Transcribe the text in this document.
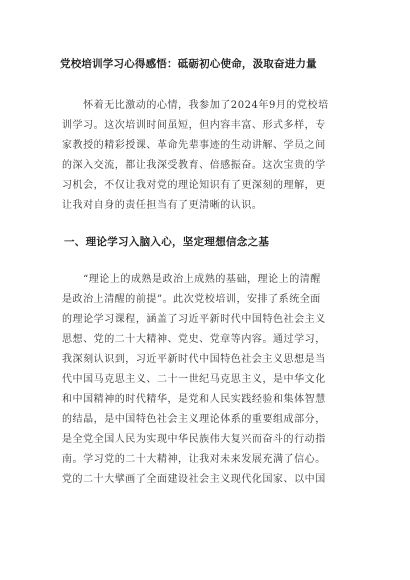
党校培训学习心得感悟：砥砺初心使命，汲取奋进力量
　　怀着无比激动的心情，我参加了2024年9月的党校培
训学习。这次培训时间虽短，但内容丰富、形式多样，专
家教授的精彩授课、革命先辈事迹的生动讲解、学员之间
的深入交流，都让我深受教育、倍感振奋。这次宝贵的学
习机会，不仅让我对党的理论知识有了更深刻的理解，更
让我对自身的责任担当有了更清晰的认识。
一、理论学习入脑入心，坚定理想信念之基
　　“理论上的成熟是政治上成熟的基础，理论上的清醒
是政治上清醒的前提”。此次党校培训，安排了系统全面
的理论学习课程，涵盖了习近平新时代中国特色社会主义
思想、党的二十大精神、党史、党章等内容。通过学习，
我深刻认识到，习近平新时代中国特色社会主义思想是当
代中国马克思主义、二十一世纪马克思主义，是中华文化
和中国精神的时代精华，是党和人民实践经验和集体智慧
的结晶，是中国特色社会主义理论体系的重要组成部分，
是全党全国人民为实现中华民族伟大复兴而奋斗的行动指
南。学习党的二十大精神，让我对未来发展充满了信心。
党的二十大擘画了全面建设社会主义现代化国家、以中国
